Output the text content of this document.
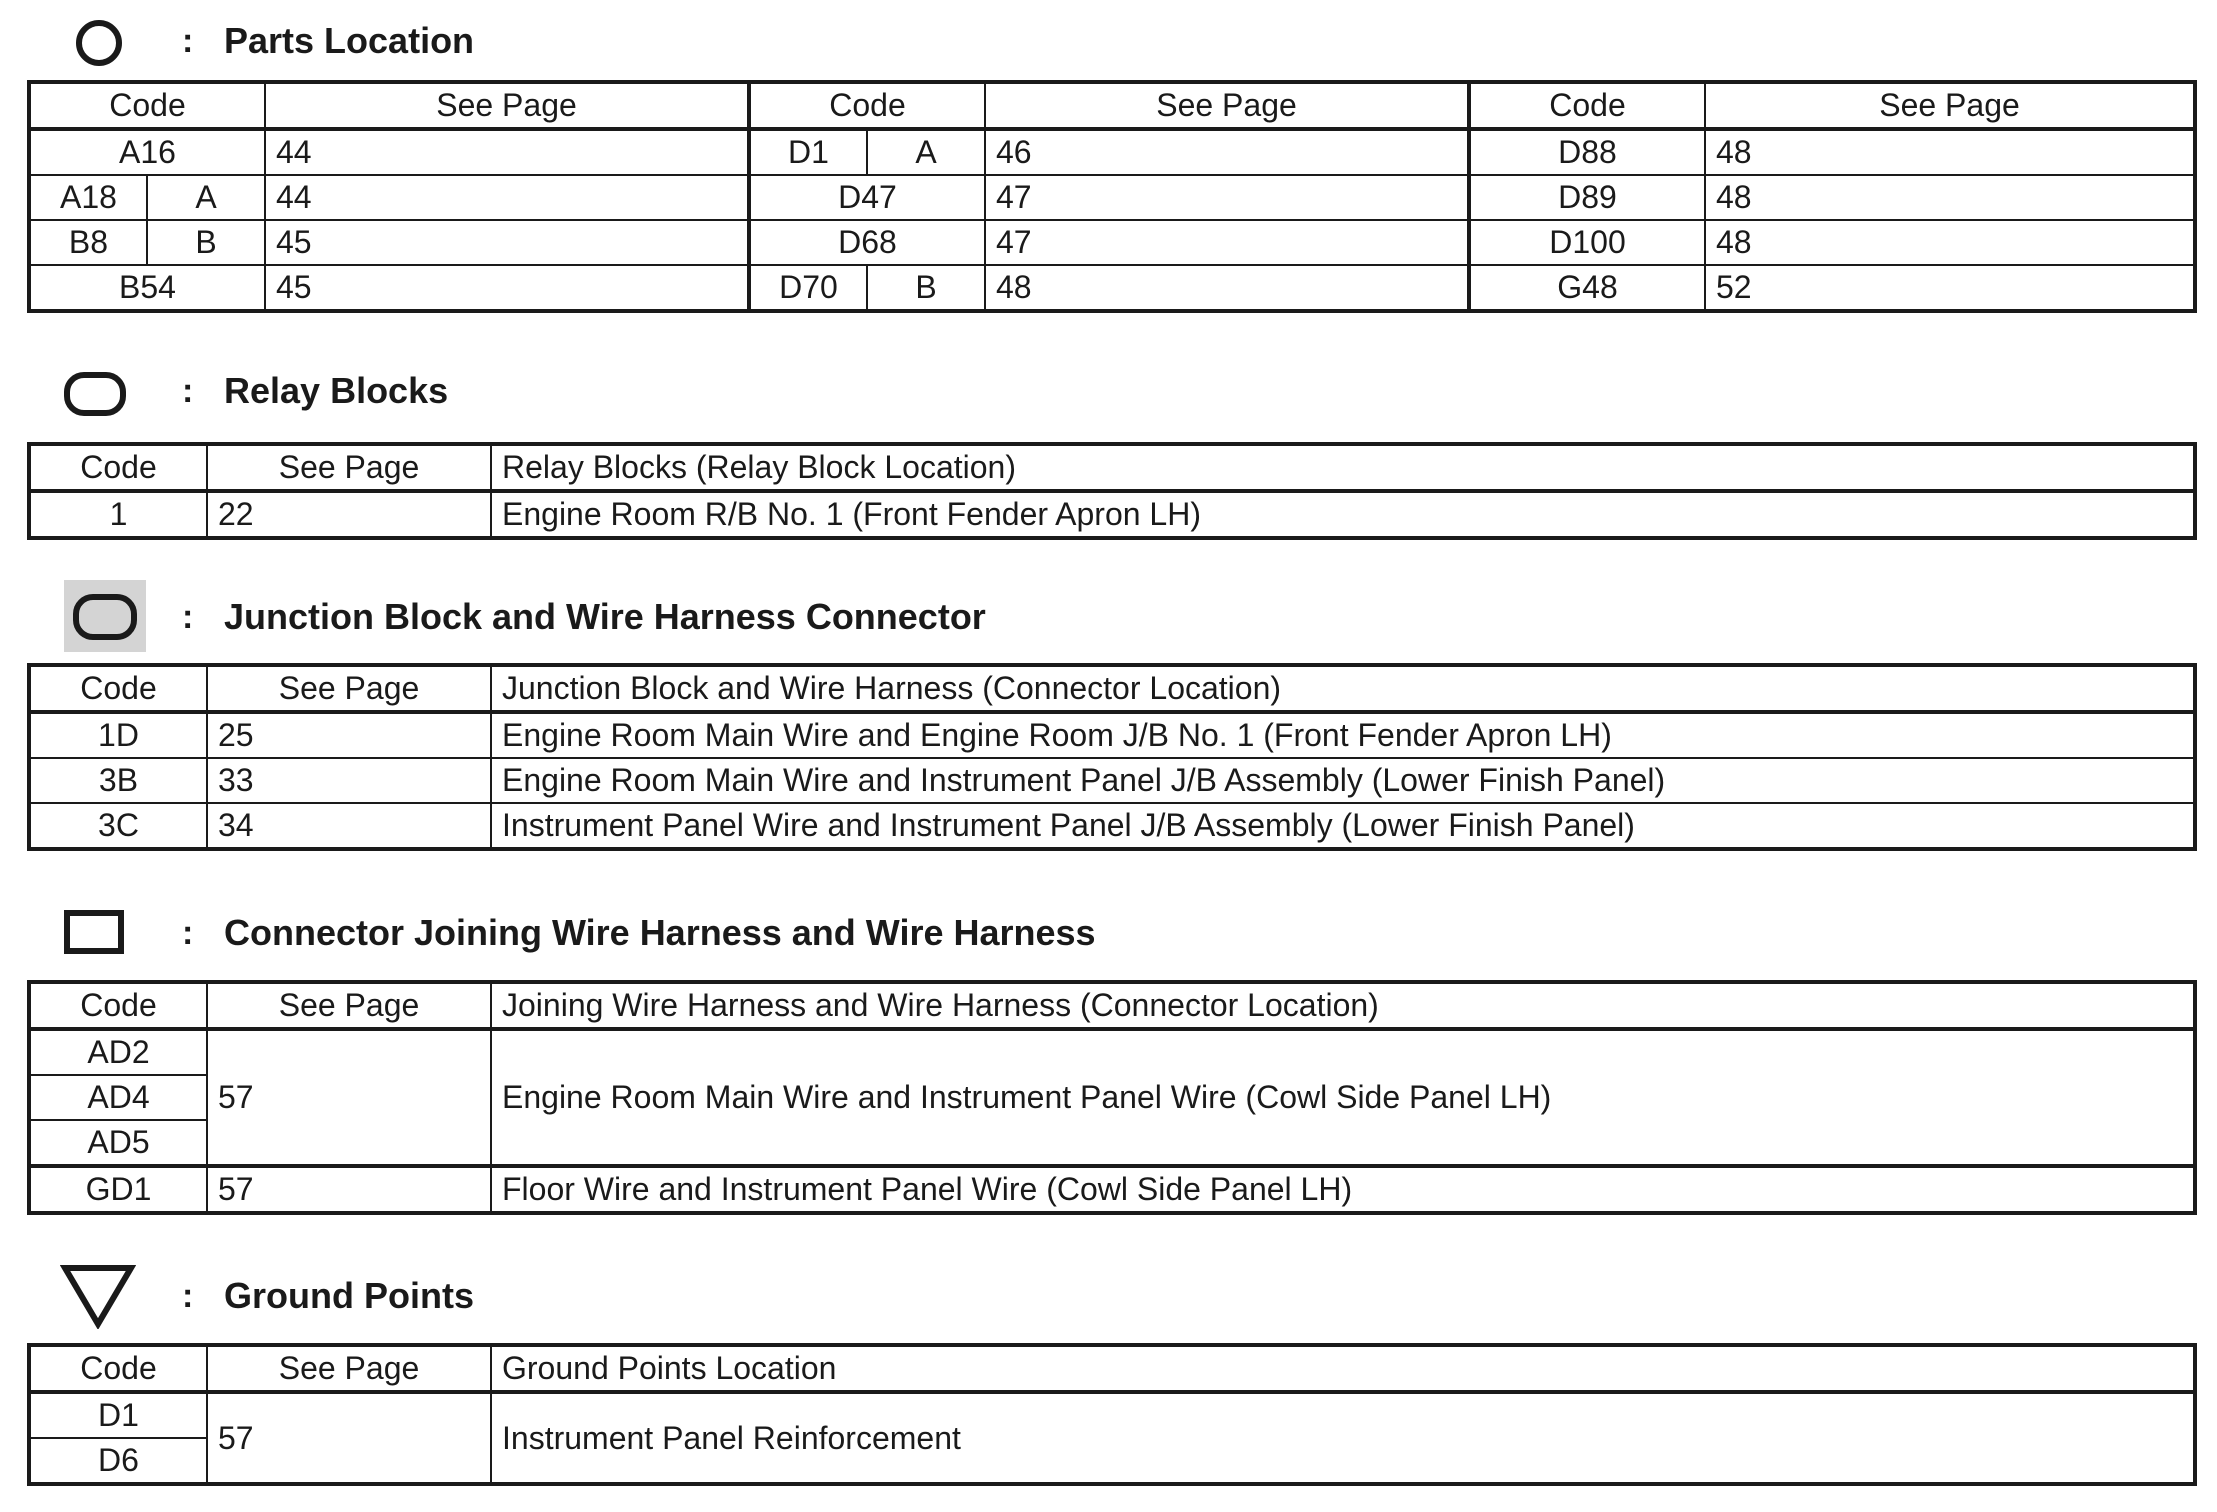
: Parts Location
Code		See Page	Code		See Page	Code	See Page
A16		44	D1	A	46	D88	48
A18	A	44	D47		47	D89	48
B8	B	45	D68		47	D100	48
B54		45	D70	B	48	G48	52
: Relay Blocks
Code	See Page	Relay Blocks (Relay Block Location)
1	22	Engine Room R/B No. 1 (Front Fender Apron LH)
: Junction Block and Wire Harness Connector
Code	See Page	Junction Block and Wire Harness (Connector Location)
1D	25	Engine Room Main Wire and Engine Room J/B No. 1 (Front Fender Apron LH)
3B	33	Engine Room Main Wire and Instrument Panel J/B Assembly (Lower Finish Panel)
3C	34	Instrument Panel Wire and Instrument Panel J/B Assembly (Lower Finish Panel)
: Connector Joining Wire Harness and Wire Harness
Code	See Page	Joining Wire Harness and Wire Harness (Connector Location)
AD2	57	Engine Room Main Wire and Instrument Panel Wire (Cowl Side Panel LH)
AD4		
AD5		
GD1	57	Floor Wire and Instrument Panel Wire (Cowl Side Panel LH)
: Ground Points
Code	See Page	Ground Points Location
D1	57	Instrument Panel Reinforcement
D6		
